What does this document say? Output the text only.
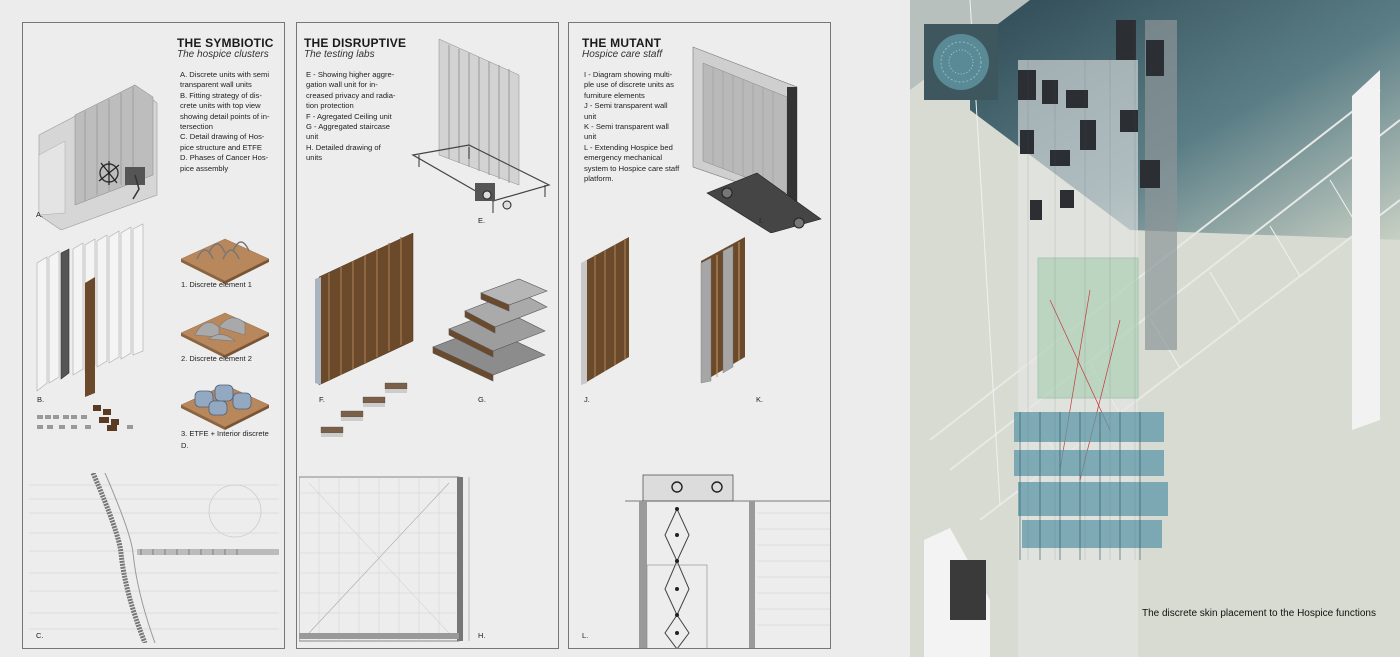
THE SYMBIOTIC
The hospice clusters
A. Discrete units with semi
transparent wall units
B. Fitting strategy of dis-
crete units with top view
showing detail points of in-
tersection
C. Detail drawing of Hos-
pice structure and ETFE
D. Phases of Cancer Hos-
pice assembly
A.
B.
1. Discrete element 1
2. Discrete element 2
3. ETFE + Interior discrete
D.
C.
THE DISRUPTIVE
The testing labs
E - Showing higher aggre-
gation wall unit for in-
creased privacy and radia-
tion protection
F - Agregated Ceiling unit
G - Aggregated staircase
unit
H. Detailed drawing of
units
E.
F.	G.
H.
THE MUTANT
Hospice care staff
I - Diagram showing multi-
ple use of discrete units as
furniture elements
J - Semi transparent wall
unit
K - Semi transparent wall
unit
L - Extending Hospice bed
emergency mechanical
system to Hospice care staff
platform.
I.
J.	K.
L.
The discrete skin placement to the Hospice functions
